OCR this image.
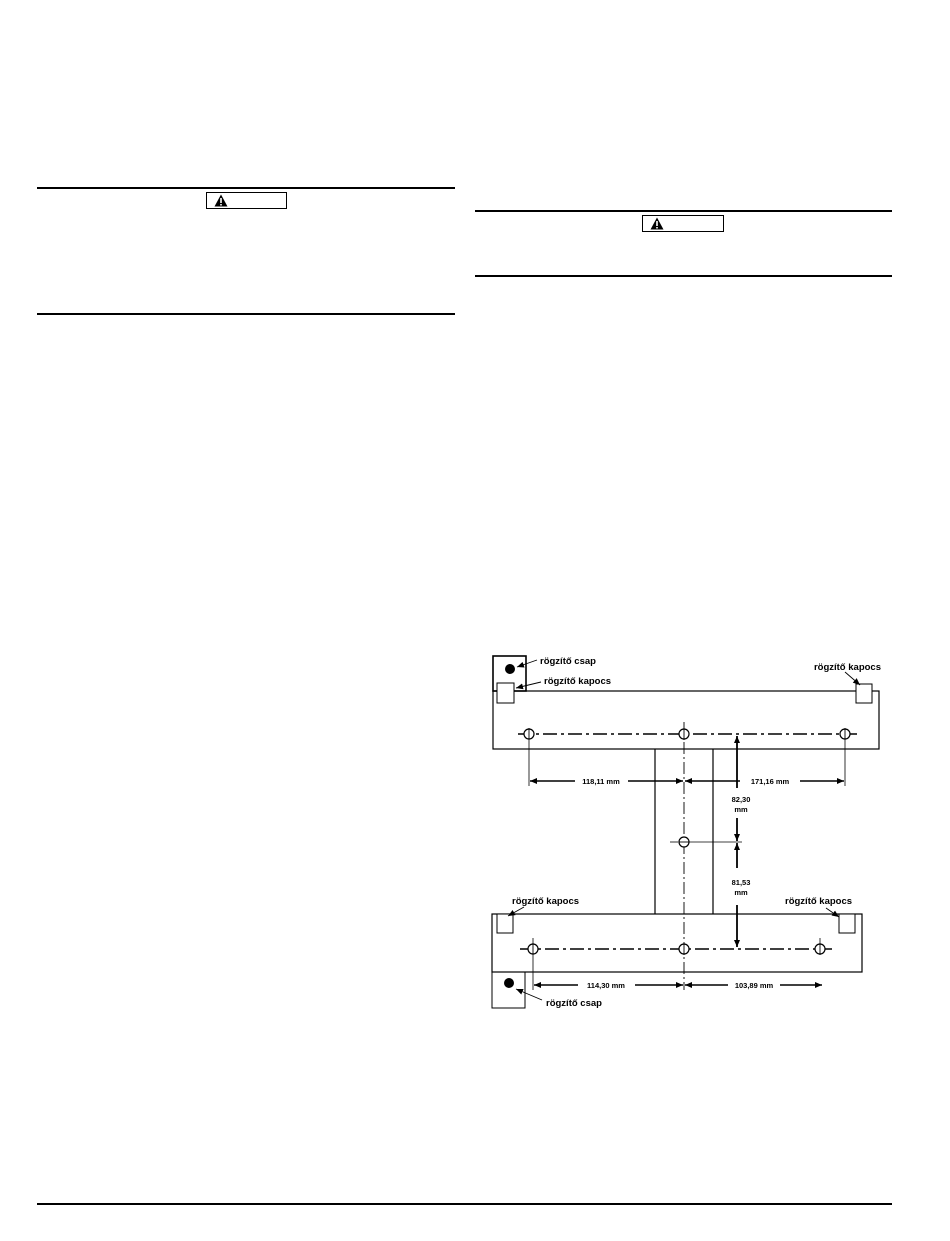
118,11 mm	171,16 mm
82,30
mm
81,53
mm
114,30 mm	103,89 mm
rögzítő csap
rögzítő kapocs
rögzítő kapocs
rögzítő kapocs	rögzítő kapocs
rögzítő csap
